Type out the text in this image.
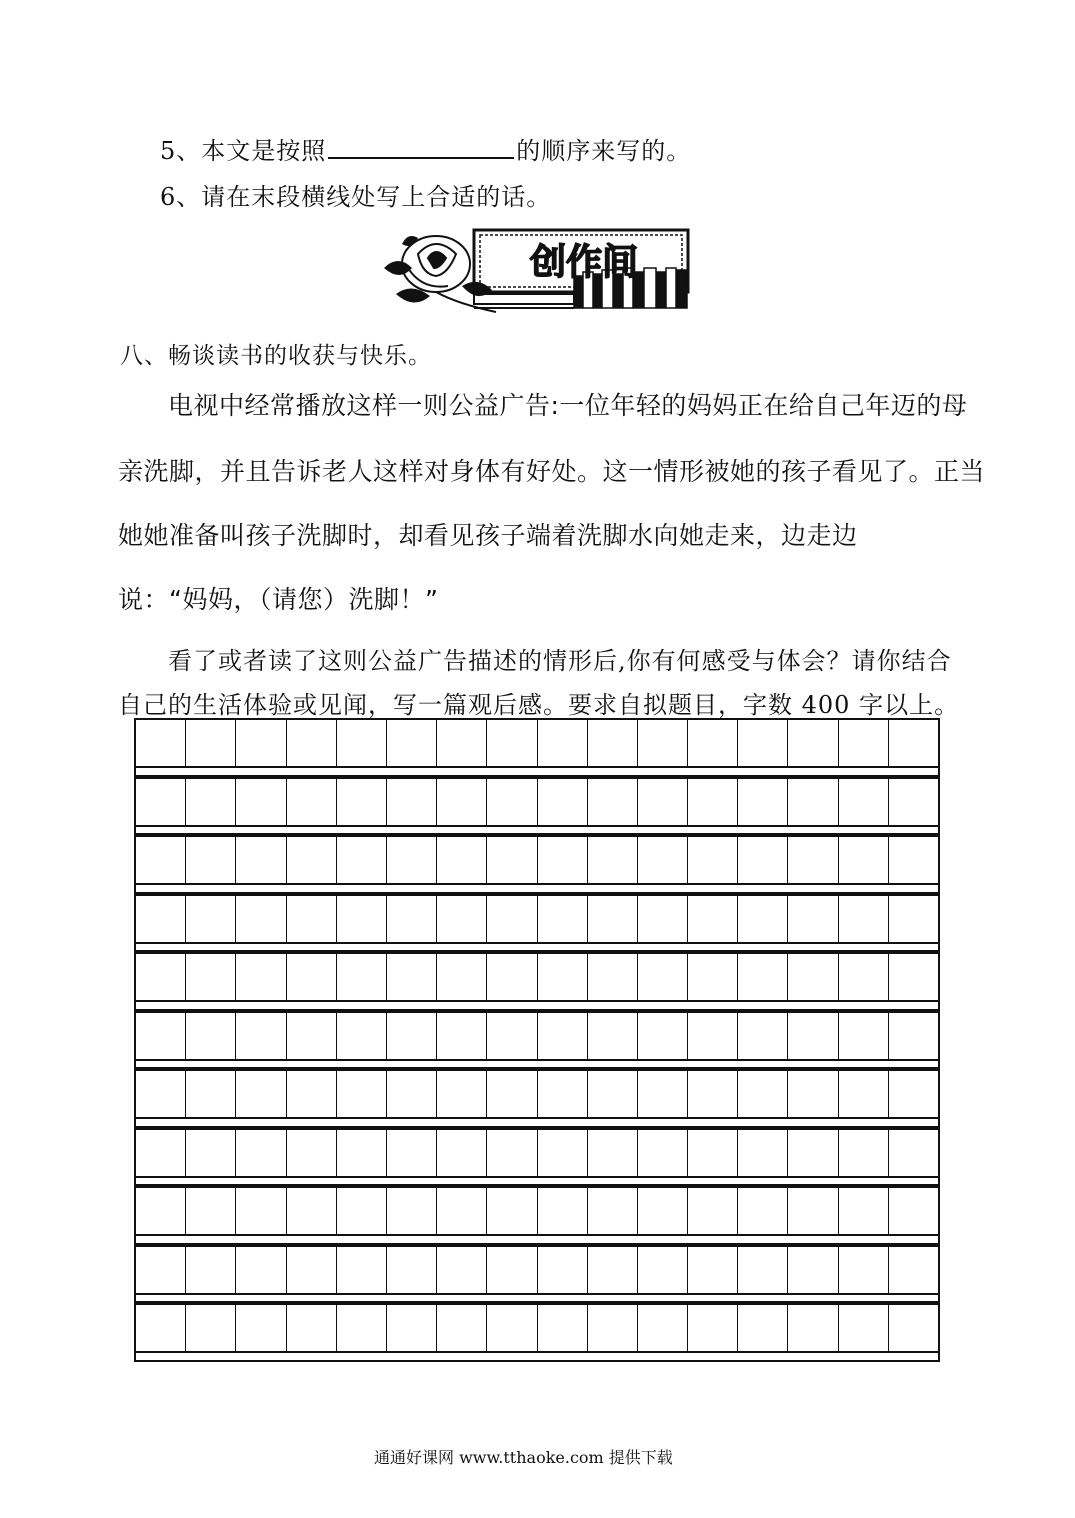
5、本文是按照	的顺序来写的。
6、请在末段横线处写上合适的话。
创作间
八、畅谈读书的收获与快乐。
电视中经常播放这样一则公益广告:一位年轻的妈妈正在给自己年迈的母
亲洗脚，并且告诉老人这样对身体有好处。这一情形被她的孩子看见了。正当
她她准备叫孩子洗脚时，却看见孩子端着洗脚水向她走来，边走边
说：“妈妈，（请您）洗脚！”
看了或者读了这则公益广告描述的情形后,你有何感受与体会？请你结合
自己的生活体验或见闻，写一篇观后感。要求自拟题目，字数 400 字以上。
通通好课网 www.tthaoke.com 提供下载
